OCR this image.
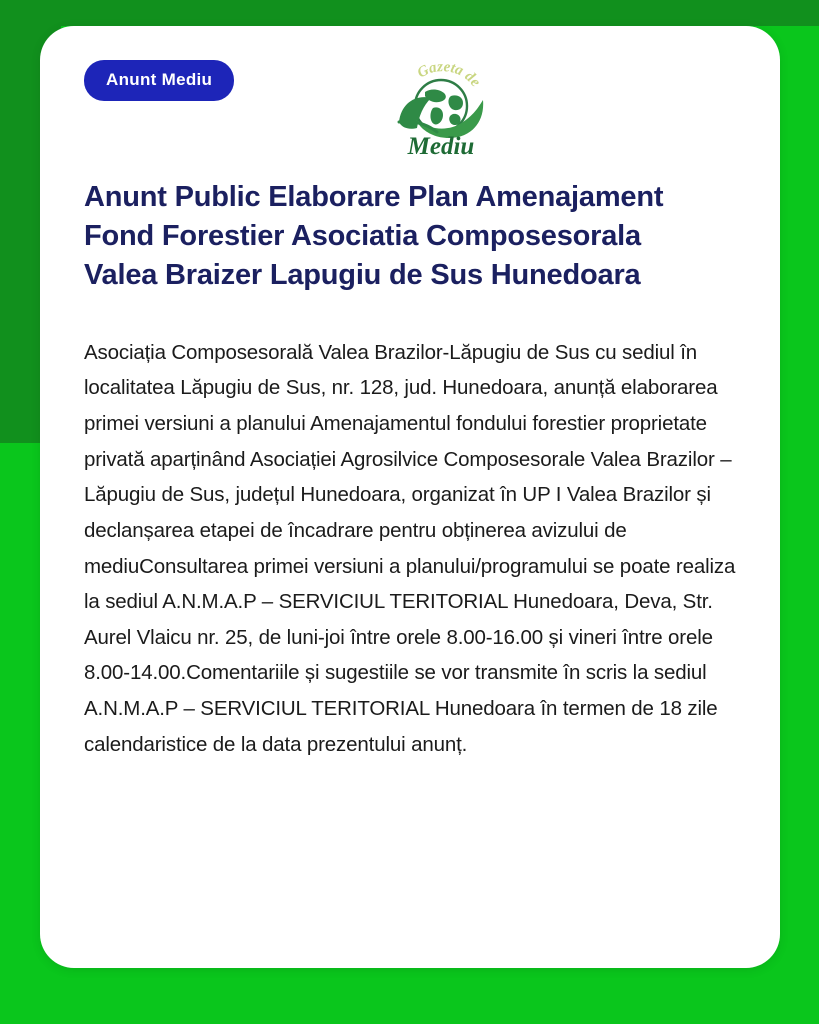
Anunt Mediu	Gazeta de
Mediu
Anunt Public Elaborare Plan Amenajament
Fond Forestier Asociatia Composesorala
Valea Braizer Lapugiu de Sus Hunedoara

Asociația Composesorală Valea Brazilor-Lăpugiu de Sus cu sediul în localitatea Lăpugiu de Sus, nr. 128, jud. Hunedoara, anunță elaborarea primei versiuni a planului Amenajamentul fondului forestier proprietate privată aparținând Asociației Agrosilvice Composesorale Valea Brazilor – Lăpugiu de Sus, județul Hunedoara, organizat în UP I Valea Brazilor și declanșarea etapei de încadrare pentru obținerea avizului de mediuConsultarea primei versiuni a planului/programului se poate realiza la sediul A.N.M.A.P – SERVICIUL TERITORIAL Hunedoara, Deva, Str. Aurel Vlaicu nr. 25, de luni-joi între orele 8.00-16.00 și vineri între orele 8.00-14.00.Comentariile și sugestiile se vor transmite în scris la sediul A.N.M.A.P – SERVICIUL TERITORIAL Hunedoara în termen de 18 zile calendaristice de la data prezentului anunț.
